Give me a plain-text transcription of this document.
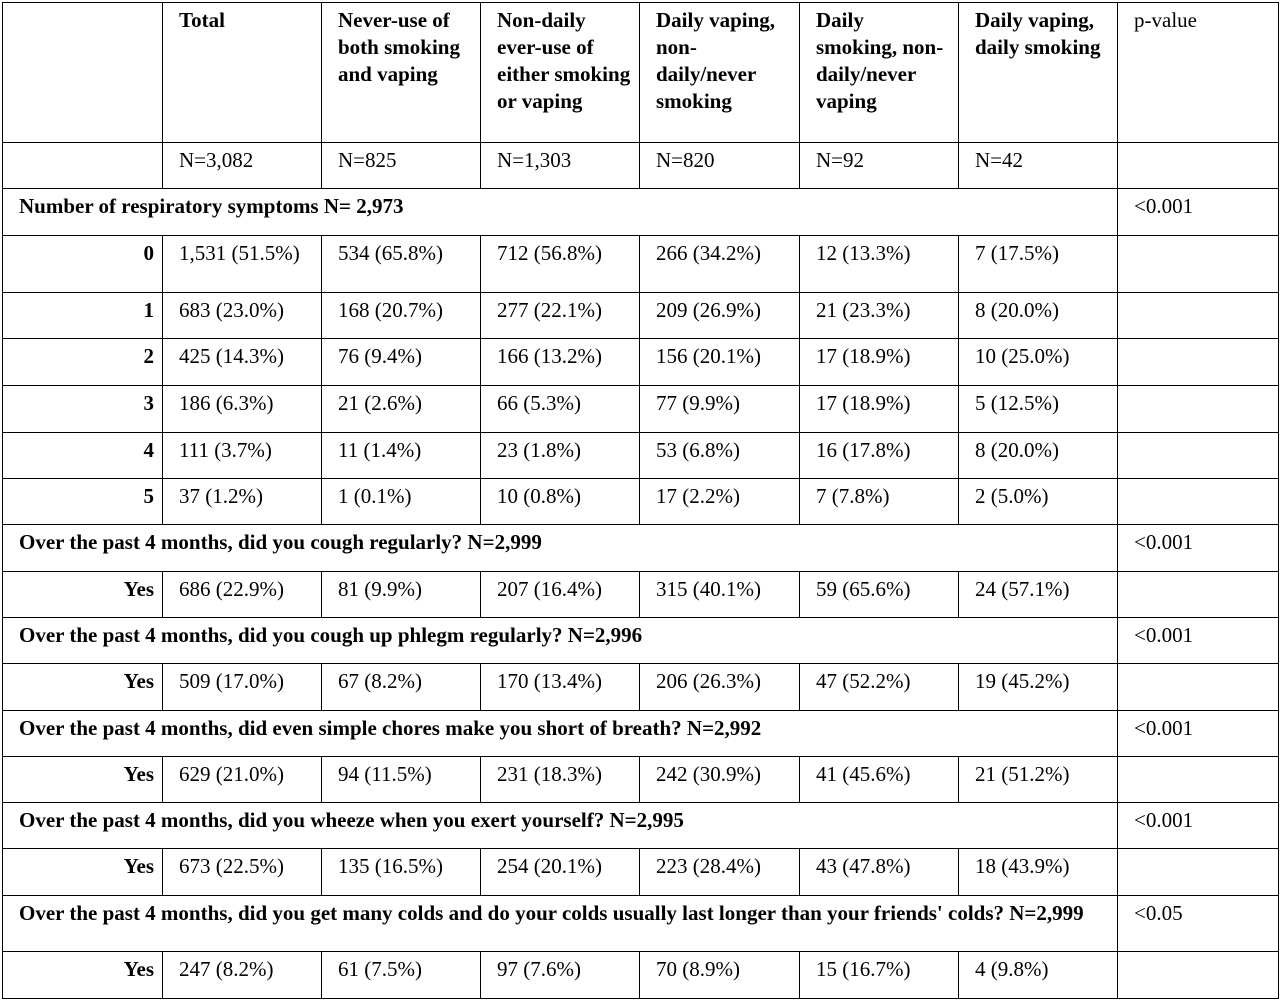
	Total	Never-use of both smoking and vaping	Non-daily ever-use of either smoking or vaping	Daily vaping, non-daily/never smoking	Daily smoking, non-daily/never vaping	Daily vaping, daily smoking	p-value
	N=3,082	N=825	N=1,303	N=820	N=92	N=42	
Number of respiratory symptoms N= 2,973							<0.001
0	1,531 (51.5%)	534 (65.8%)	712 (56.8%)	266 (34.2%)	12 (13.3%)	7 (17.5%)	
1	683 (23.0%)	168 (20.7%)	277 (22.1%)	209 (26.9%)	21 (23.3%)	8 (20.0%)	
2	425 (14.3%)	76 (9.4%)	166 (13.2%)	156 (20.1%)	17 (18.9%)	10 (25.0%)	
3	186 (6.3%)	21 (2.6%)	66 (5.3%)	77 (9.9%)	17 (18.9%)	5 (12.5%)	
4	111 (3.7%)	11 (1.4%)	23 (1.8%)	53 (6.8%)	16 (17.8%)	8 (20.0%)	
5	37 (1.2%)	1 (0.1%)	10 (0.8%)	17 (2.2%)	7 (7.8%)	2 (5.0%)	
Over the past 4 months, did you cough regularly? N=2,999							<0.001
Yes	686 (22.9%)	81 (9.9%)	207 (16.4%)	315 (40.1%)	59 (65.6%)	24 (57.1%)	
Over the past 4 months, did you cough up phlegm regularly? N=2,996							<0.001
Yes	509 (17.0%)	67 (8.2%)	170 (13.4%)	206 (26.3%)	47 (52.2%)	19 (45.2%)	
Over the past 4 months, did even simple chores make you short of breath? N=2,992							<0.001
Yes	629 (21.0%)	94 (11.5%)	231 (18.3%)	242 (30.9%)	41 (45.6%)	21 (51.2%)	
Over the past 4 months, did you wheeze when you exert yourself? N=2,995							<0.001
Yes	673 (22.5%)	135 (16.5%)	254 (20.1%)	223 (28.4%)	43 (47.8%)	18 (43.9%)	
Over the past 4 months, did you get many colds and do your colds usually last longer than your friends' colds? N=2,999							<0.05
Yes	247 (8.2%)	61 (7.5%)	97 (7.6%)	70 (8.9%)	15 (16.7%)	4 (9.8%)	
